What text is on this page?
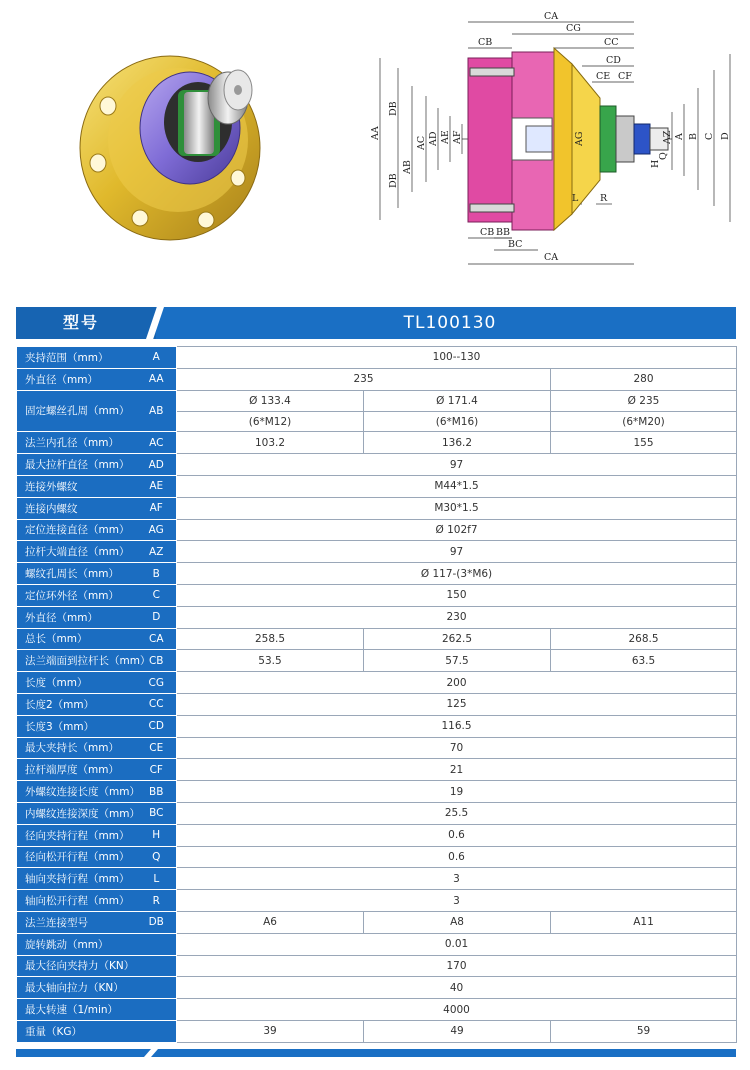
CA
CG
CB	CC
CD
CE CF
AA
DB
DB
AB
AC AD AE AF	AG	AZ A B C D
H
Q
CB BB
BC
CA
L R
型号	TL100130
夹持范围（mm）	A	100--130		
外直径（mm）	AA	235		280
固定螺丝孔周（mm）	AB	Ø 133.4	Ø 171.4	Ø 235
		(6*M12)	(6*M16)	(6*M20)
法兰内孔径（mm）	AC	103.2	136.2	155
最大拉杆直径（mm）	AD	97		
连接外螺纹	AE	M44*1.5		
连接内螺纹	AF	M30*1.5		
定位连接直径（mm）	AG	Ø 102f7		
拉杆大端直径（mm）	AZ	97		
螺纹孔周长（mm）	B	Ø 117-(3*M6)		
定位环外径（mm）	C	150		
外直径（mm）	D	230		
总长（mm）	CA	258.5	262.5	268.5
法兰端面到拉杆长（mm）	CB	53.5	57.5	63.5
长度（mm）	CG	200		
长度2（mm）	CC	125		
长度3（mm）	CD	116.5		
最大夹持长（mm）	CE	70		
拉杆端厚度（mm）	CF	21		
外螺纹连接长度（mm）	BB	19		
内螺纹连接深度（mm）	BC	25.5		
径向夹持行程（mm）	H	0.6		
径向松开行程（mm）	Q	0.6		
轴向夹持行程（mm）	L	3		
轴向松开行程（mm）	R	3		
法兰连接型号	DB	A6	A8	A11
旋转跳动（mm）		0.01		
最大径向夹持力（KN）		170		
最大轴向拉力（KN）		40		
最大转速（1/min）		4000		
重量（KG）		39	49	59
